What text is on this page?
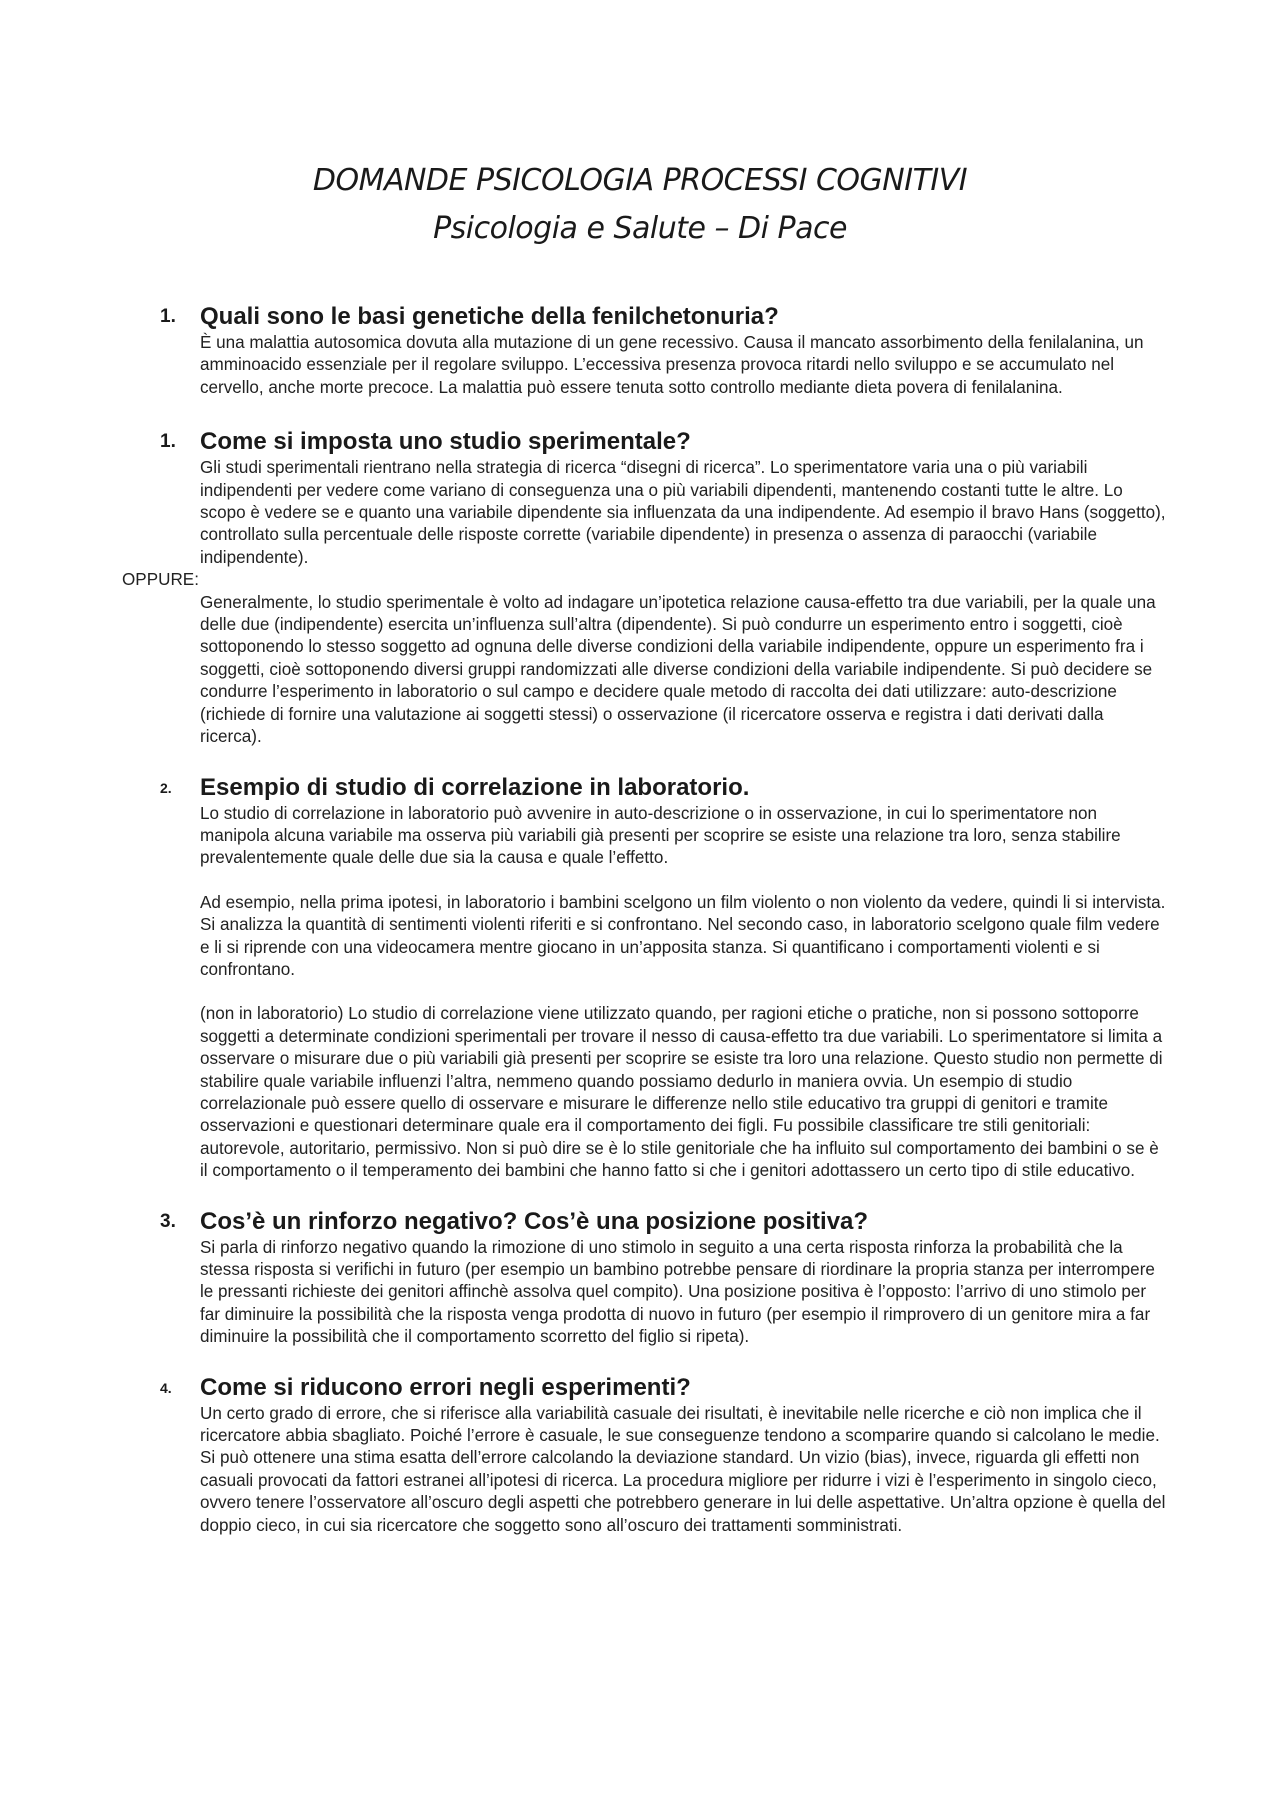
DOMANDE PSICOLOGIA PROCESSI COGNITIVI
Psicologia e Salute – Di Pace
1.	Quali sono le basi genetiche della fenilchetonuria?

È una malattia autosomica dovuta alla mutazione di un gene recessivo. Causa il mancato assorbimento della fenilalanina, un amminoacido essenziale per il regolare sviluppo. L’eccessiva presenza provoca ritardi nello sviluppo e se accumulato nel cervello, anche morte precoce. La malattia può essere tenuta sotto controllo mediante dieta povera di fenilalanina.

1.	Come si imposta uno studio sperimentale?

Gli studi sperimentali rientrano nella strategia di ricerca “disegni di ricerca”. Lo sperimentatore varia una o più variabili indipendenti per vedere come variano di conseguenza una o più variabili dipendenti, mantenendo costanti tutte le altre. Lo scopo è vedere se e quanto una variabile dipendente sia influenzata da una indipendente. Ad esempio il bravo Hans (soggetto), controllato sulla percentuale delle risposte corrette (variabile dipendente) in presenza o assenza di paraocchi (variabile indipendente).

OPPURE:

Generalmente, lo studio sperimentale è volto ad indagare un’ipotetica relazione causa-effetto tra due variabili, per la quale una delle due (indipendente) esercita un’influenza sull’altra (dipendente). Si può condurre un esperimento entro i soggetti, cioè sottoponendo lo stesso soggetto ad ognuna delle diverse condizioni della variabile indipendente, oppure un esperimento fra i soggetti, cioè sottoponendo diversi gruppi randomizzati alle diverse condizioni della variabile indipendente. Si può decidere se condurre l’esperimento in laboratorio o sul campo e decidere quale metodo di raccolta dei dati utilizzare: auto-descrizione (richiede di fornire una valutazione ai soggetti stessi) o osservazione (il ricercatore osserva e registra i dati derivati dalla ricerca).

2.	Esempio di studio di correlazione in laboratorio.

Lo studio di correlazione in laboratorio può avvenire in auto-descrizione o in osservazione, in cui lo sperimentatore non manipola alcuna variabile ma osserva più variabili già presenti per scoprire se esiste una relazione tra loro, senza stabilire prevalentemente quale delle due sia la causa e quale l’effetto.

Ad esempio, nella prima ipotesi, in laboratorio i bambini scelgono un film violento o non violento da vedere, quindi li si intervista. Si analizza la quantità di sentimenti violenti riferiti e si confrontano. Nel secondo caso, in laboratorio scelgono quale film vedere e li si riprende con una videocamera mentre giocano in un’apposita stanza. Si quantificano i comportamenti violenti e si confrontano.

(non in laboratorio) Lo studio di correlazione viene utilizzato quando, per ragioni etiche o pratiche, non si possono sottoporre soggetti a determinate condizioni sperimentali per trovare il nesso di causa-effetto tra due variabili. Lo sperimentatore si limita a osservare o misurare due o più variabili già presenti per scoprire se esiste tra loro una relazione. Questo studio non permette di stabilire quale variabile influenzi l’altra, nemmeno quando possiamo dedurlo in maniera ovvia. Un esempio di studio correlazionale può essere quello di osservare e misurare le differenze nello stile educativo tra gruppi di genitori e tramite osservazioni e questionari determinare quale era il comportamento dei figli. Fu possibile classificare tre stili genitoriali: autorevole, autoritario, permissivo. Non si può dire se è lo stile genitoriale che ha influito sul comportamento dei bambini o se è il comportamento o il temperamento dei bambini che hanno fatto si che i genitori adottassero un certo tipo di stile educativo.

3.	Cos’è un rinforzo negativo? Cos’è una posizione positiva?

Si parla di rinforzo negativo quando la rimozione di uno stimolo in seguito a una certa risposta rinforza la probabilità che la stessa risposta si verifichi in futuro (per esempio un bambino potrebbe pensare di riordinare la propria stanza per interrompere le pressanti richieste dei genitori affinchè assolva quel compito). Una posizione positiva è l’opposto: l’arrivo di uno stimolo per far diminuire la possibilità che la risposta venga prodotta di nuovo in futuro (per esempio il rimprovero di un genitore mira a far diminuire la possibilità che il comportamento scorretto del figlio si ripeta).

4.	Come si riducono errori negli esperimenti?

Un certo grado di errore, che si riferisce alla variabilità casuale dei risultati, è inevitabile nelle ricerche e ciò non implica che il ricercatore abbia sbagliato. Poiché l’errore è casuale, le sue conseguenze tendono a scomparire quando si calcolano le medie. Si può ottenere una stima esatta dell’errore calcolando la deviazione standard. Un vizio (bias), invece, riguarda gli effetti non casuali provocati da fattori estranei all’ipotesi di ricerca. La procedura migliore per ridurre i vizi è l’esperimento in singolo cieco, ovvero tenere l’osservatore all’oscuro degli aspetti che potrebbero generare in lui delle aspettative. Un’altra opzione è quella del doppio cieco, in cui sia ricercatore che soggetto sono all’oscuro dei trattamenti somministrati.
